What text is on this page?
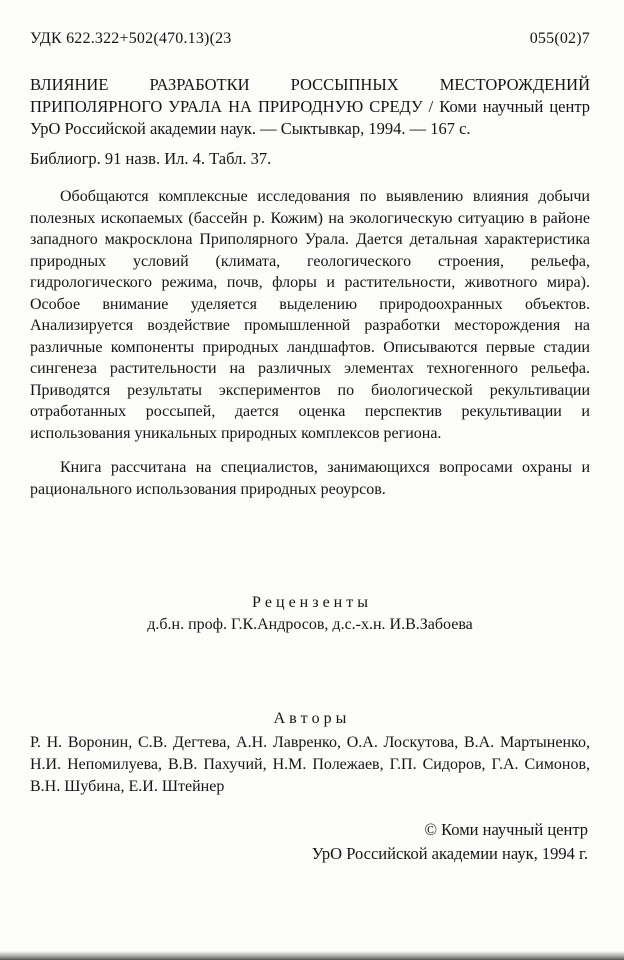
УДК 622.322+502(470.13)(23	055(02)7
ВЛИЯНИЕ РАЗРАБОТКИ РОССЫПНЫХ МЕСТОРОЖДЕНИЙ ПРИПОЛЯРНОГО УРАЛА НА ПРИРОДНУЮ СРЕДУ / Коми научный центр УрО Российской академии наук. — Сыктывкар, 1994. — 167 с.
Библиогр. 91 назв. Ил. 4. Табл. 37.

Обобщаются комплексные исследования по выявлению влияния добычи полезных ископаемых (бассейн р. Кожим) на экологическую ситуацию в районе западного макросклона Приполярного Урала. Дается детальная характеристика природных условий (климата, геологического строения, рельефа, гидрологического режима, почв, флоры и растительности, животного мира). Особое внимание уделяется выделению природоохранных объектов. Анализируется воздействие промышленной разработки месторождения на различные компоненты природных ландшафтов. Описываются первые стадии сингенеза растительности на различных элементах техногенного рельефа. Приводятся результаты экспериментов по биологической рекультивации отработанных россыпей, дается оценка перспектив рекультивации и использования уникальных природных комплексов региона.

Книга рассчитана на специалистов, занимающихся вопросами охраны и рационального использования природных реоурсов.

Р е ц е н з е н т ы
д.б.н. проф. Г.К.Андросов, д.с.-х.н. И.В.Забоева
А в т о р ы
Р. Н. Воронин, С.В. Дегтева, А.Н. Лавренко, О.А. Лоскутова, В.А. Мартыненко, Н.И. Непомилуева, В.В. Пахучий, Н.М. Полежаев, Г.П. Сидоров, Г.А. Симонов, В.Н. Шубина, Е.И. Штейнер
© Коми научный центр
УрО Российской академии наук, 1994 г.
